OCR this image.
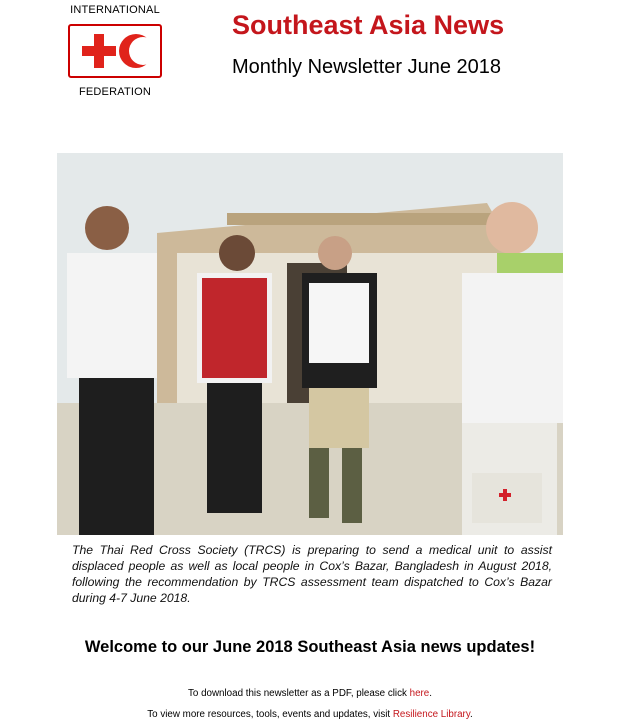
INTERNATIONAL
FEDERATION
Southeast Asia News
Monthly Newsletter June 2018
The Thai Red Cross Society (TRCS) is preparing to send a medical unit to assist displaced people as well as local people in Cox’s Bazar, Bangladesh in August 2018, following the recommendation by TRCS assessment team dispatched to Cox’s Bazar during 4-7 June 2018.
Welcome to our June 2018 Southeast Asia news updates!
To download this newsletter as a PDF, please click here.
To view more resources, tools, events and updates, visit Resilience Library.
